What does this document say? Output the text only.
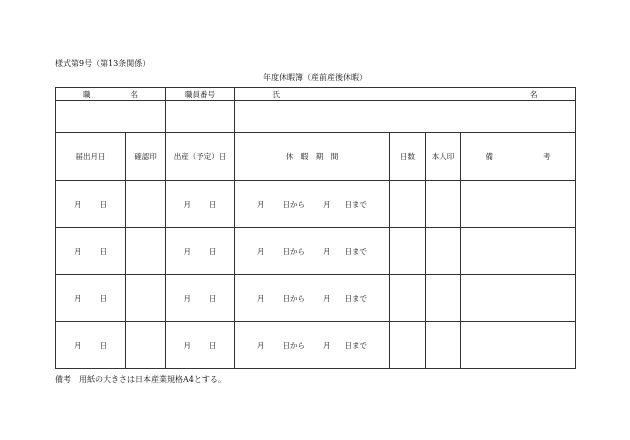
様式第9号（第13条関係）
年度休暇簿（産前産後休暇）
職 名		職員番号	氏 名			

届出月日	確認印	出産（予定）日	休　暇　期　間	日数	本人印	備 考
月 日		月 日	月 日から 月 日まで			
月 日		月 日	月 日から 月 日まで			
月 日		月 日	月 日から 月 日まで			
月 日		月 日	月 日から 月 日まで			
備考　用紙の大きさは日本産業規格A4とする。
